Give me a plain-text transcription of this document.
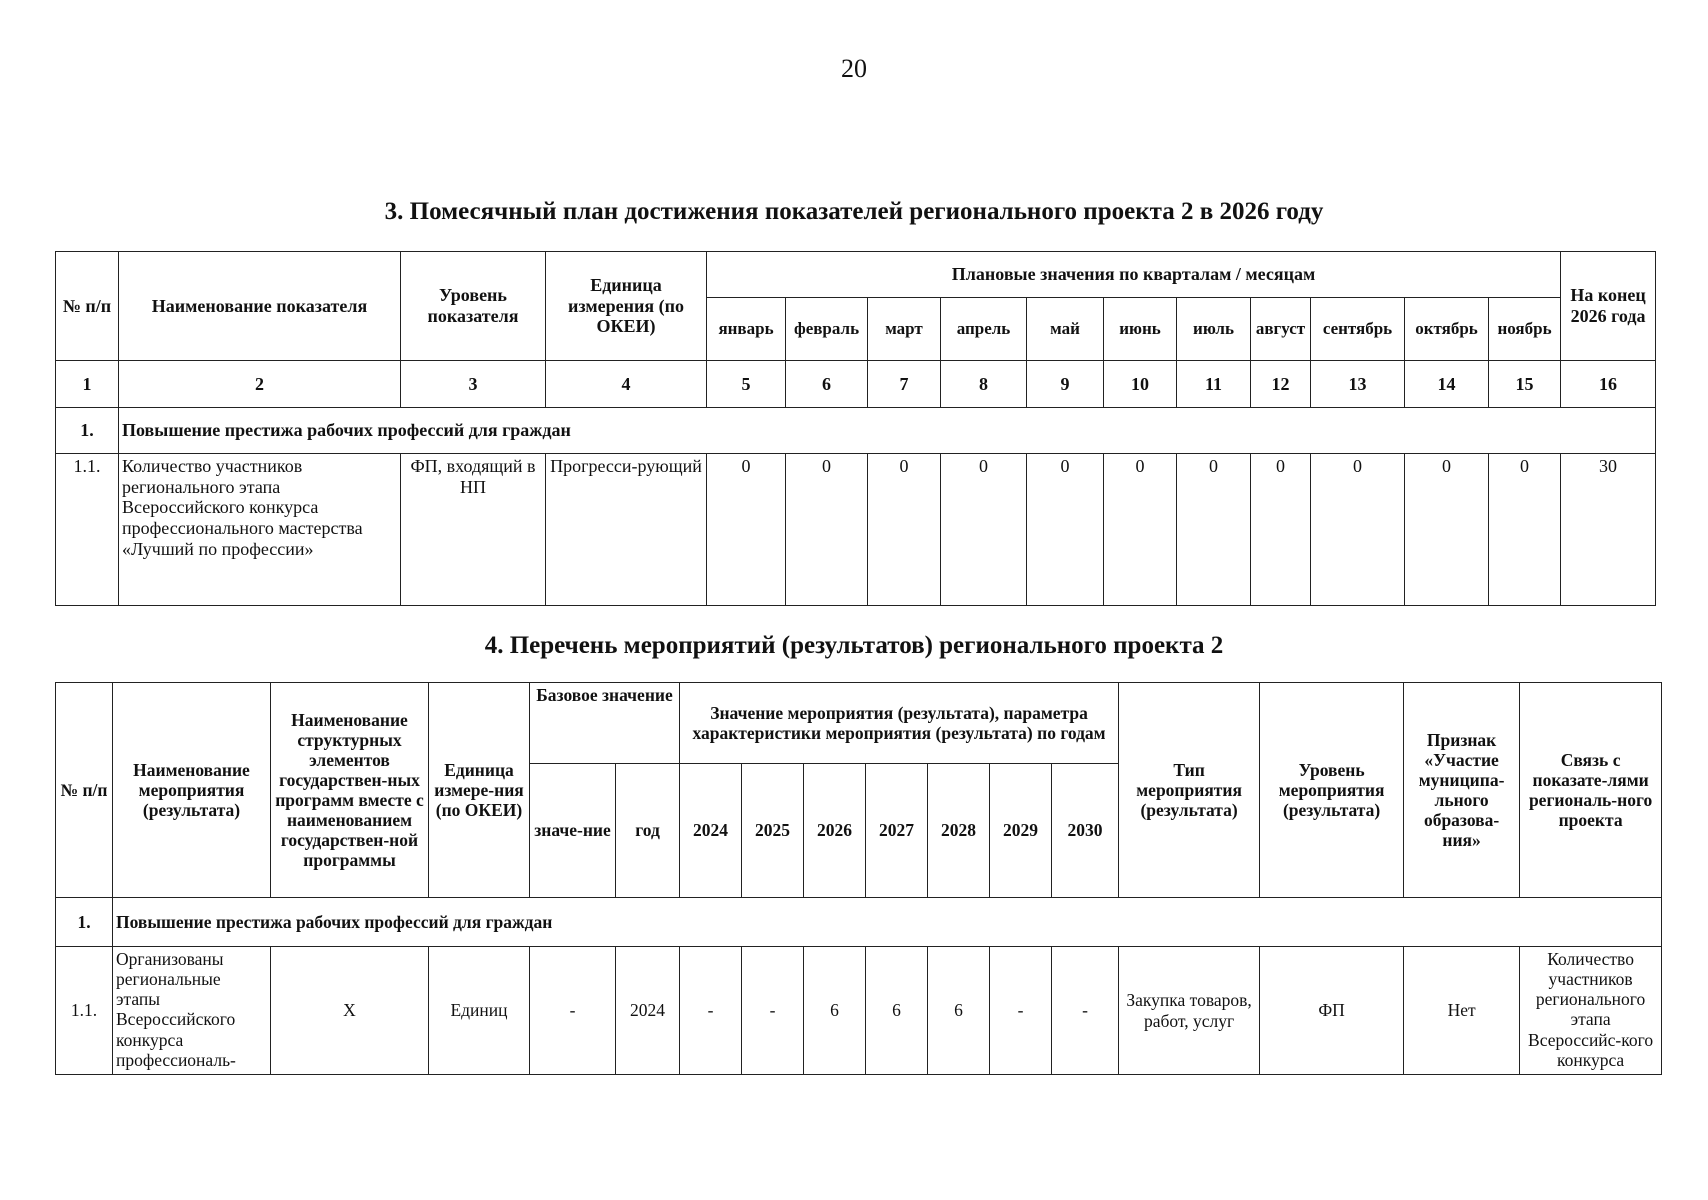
20
3. Помесячный план достижения показателей регионального проекта 2 в 2026 году
№ п/п	Наименование показателя	Уровень показателя	Единица измерения (по ОКЕИ)	Плановые значения по кварталам / месяцам											На конец 2026 года
				январь	февраль	март	апрель	май	июнь	июль	август	сентябрь	октябрь	ноябрь	
1	2	3	4	5	6	7	8	9	10	11	12	13	14	15	16
1.	Повышение престижа рабочих профессий для граждан														
1.1.	Количество участников регионального этапа Всероссийского конкурса профессионального мастерства «Лучший по профессии»	ФП, входящий в НП	Прогресси-рующий	0	0	0	0	0	0	0	0	0	0	0	30
4. Перечень мероприятий (результатов) регионального проекта 2
№ п/п	Наименование мероприятия (результата)	Наименование структурных элементов государствен-ных программ вместе с наименованием государствен-ной программы	Единица измере-ния (по ОКЕИ)	Базовое значение		Значение мероприятия (результата), параметра характеристики мероприятия (результата) по годам							Тип мероприятия (результата)	Уровень мероприятия (результата)	Признак «Участие муниципа-льного образова-ния»	Связь с показате-лями региональ-ного проекта
				значе-ние	год	2024	2025	2026	2027	2028	2029	2030				
1.	Повышение престижа рабочих профессий для граждан															
1.1.	Организованы региональные этапы Всероссийского конкурса профессиональ-	Х	Единиц	-	2024	-	-	6	6	6	-	-	Закупка товаров, работ, услуг	ФП	Нет	Количество участников регионального этапа Всероссийс-кого конкурса
